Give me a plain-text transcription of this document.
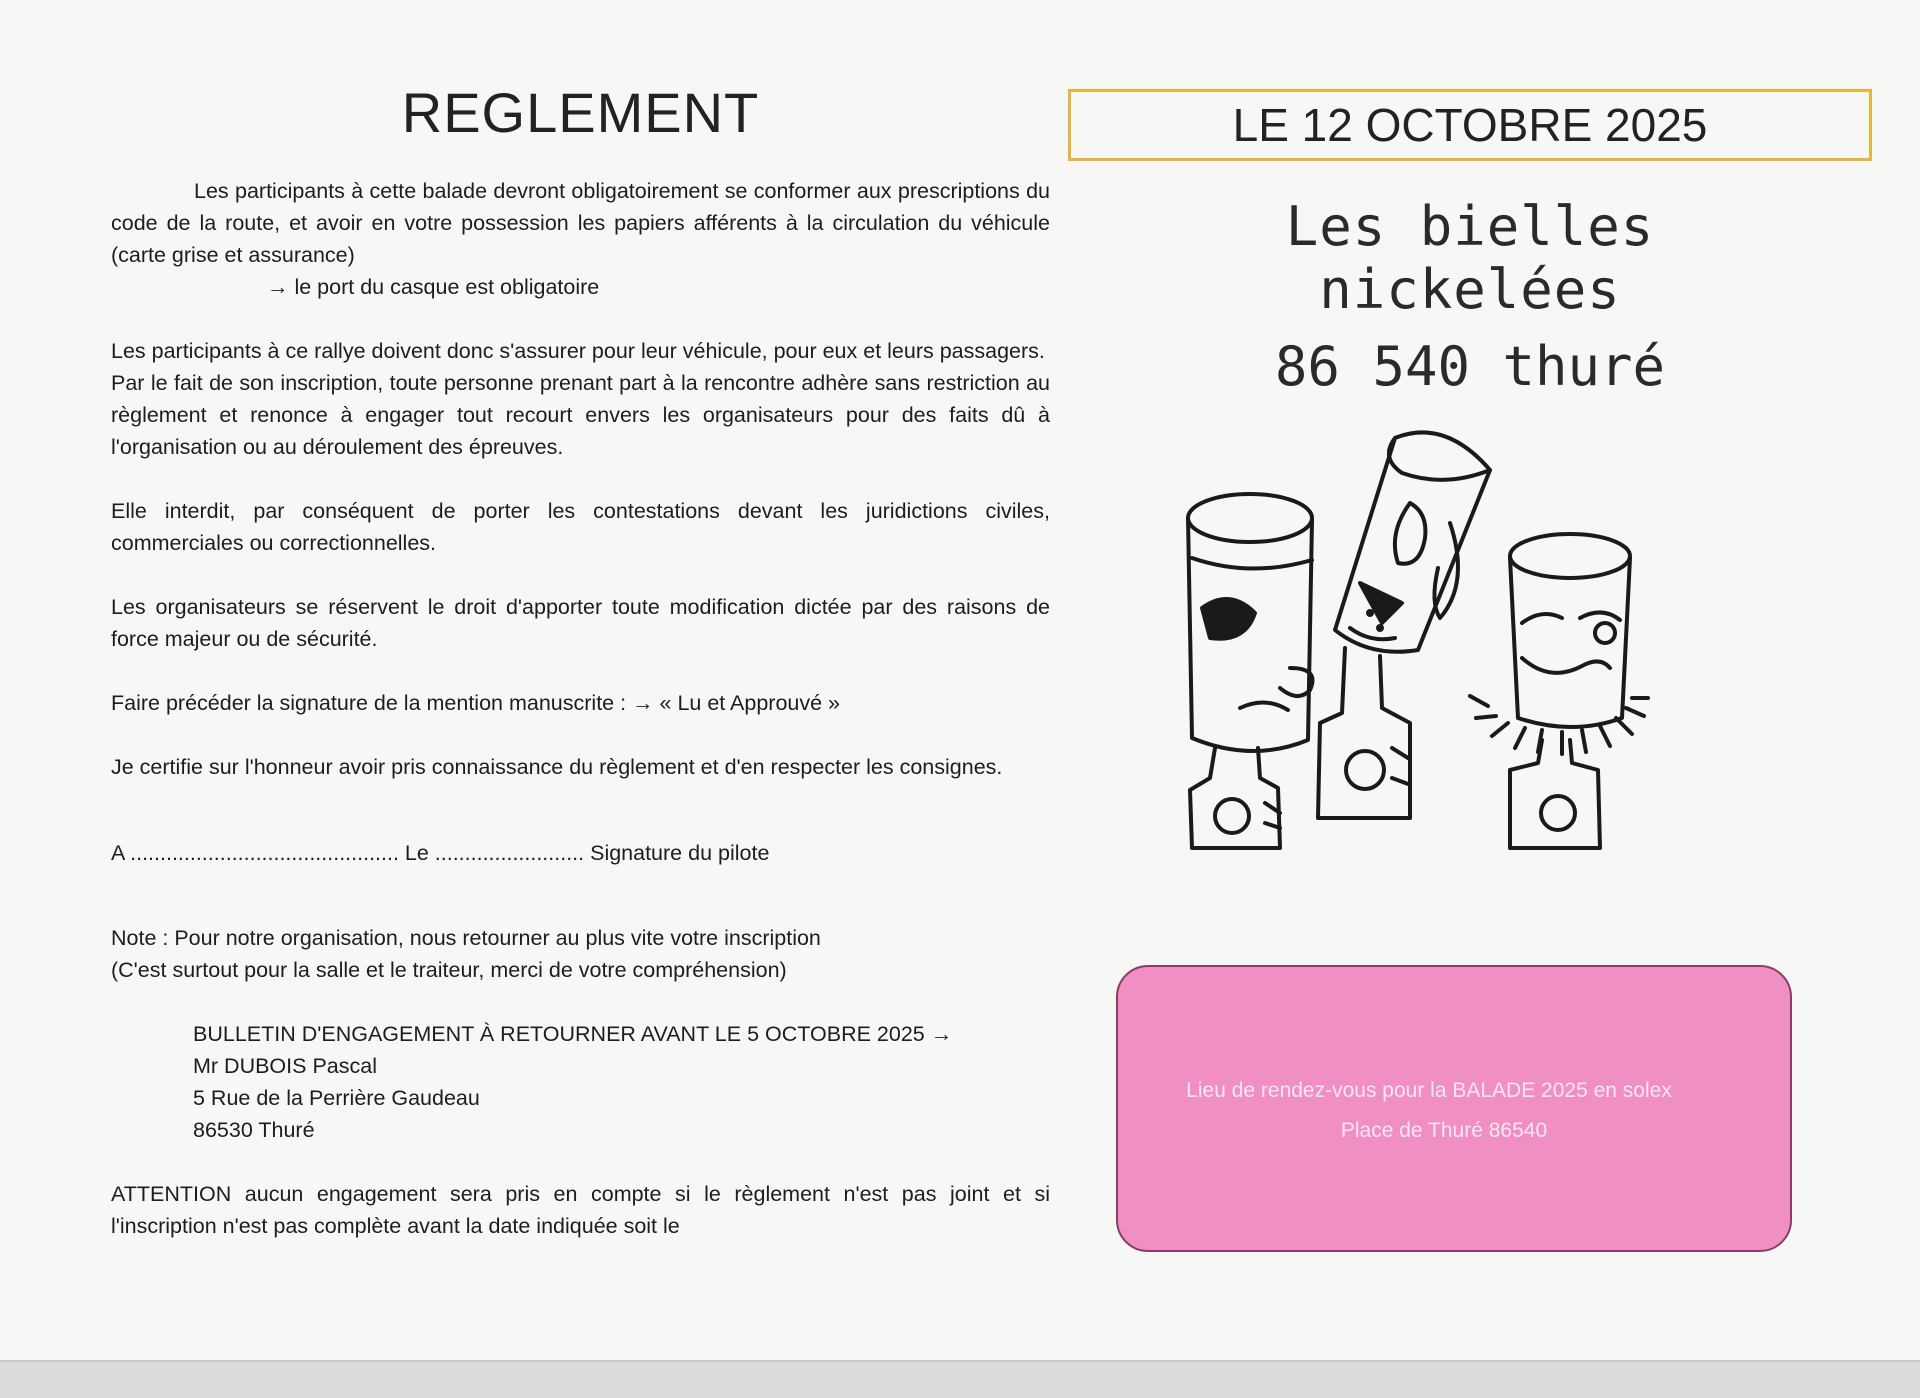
REGLEMENT

Les participants à cette balade devront obligatoirement se conformer aux prescriptions du code de la route, et avoir en votre possession les papiers afférents à la circulation du véhicule (carte grise et assurance)

→ le port du casque est obligatoire

Les participants à ce rallye doivent donc s'assurer pour leur véhicule, pour eux et leurs passagers.

Par le fait de son inscription, toute personne prenant part à la rencontre adhère sans restriction au règlement et renonce à engager tout recourt envers les organisateurs pour des faits dû à l'organisation ou au déroulement des épreuves.

Elle interdit, par conséquent de porter les contestations devant les juridictions civiles, commerciales ou correctionnelles.

Les organisateurs se réservent le droit d'apporter toute modification dictée par des raisons de force majeur ou de sécurité.

Faire précéder la signature de la mention manuscrite : → « Lu et Approuvé »

Je certifie sur l'honneur avoir pris connaissance du règlement et d'en respecter les consignes.

A ............................................. Le ......................... Signature du pilote

Note : Pour notre organisation, nous retourner au plus vite votre inscription

(C'est surtout pour la salle et le traiteur, merci de votre compréhension)

BULLETIN D'ENGAGEMENT À RETOURNER AVANT LE 5 OCTOBRE 2025 →

Mr DUBOIS Pascal

5 Rue de la Perrière Gaudeau

86530 Thuré

ATTENTION aucun engagement sera pris en compte si le règlement n'est pas joint et si l'inscription n'est pas complète avant la date indiquée soit le

LE 12 OCTOBRE 2025
Les bielles nickelées
86 540 thuré
Lieu de rendez-vous pour la BALADE 2025 en solex
Place de Thuré 86540
